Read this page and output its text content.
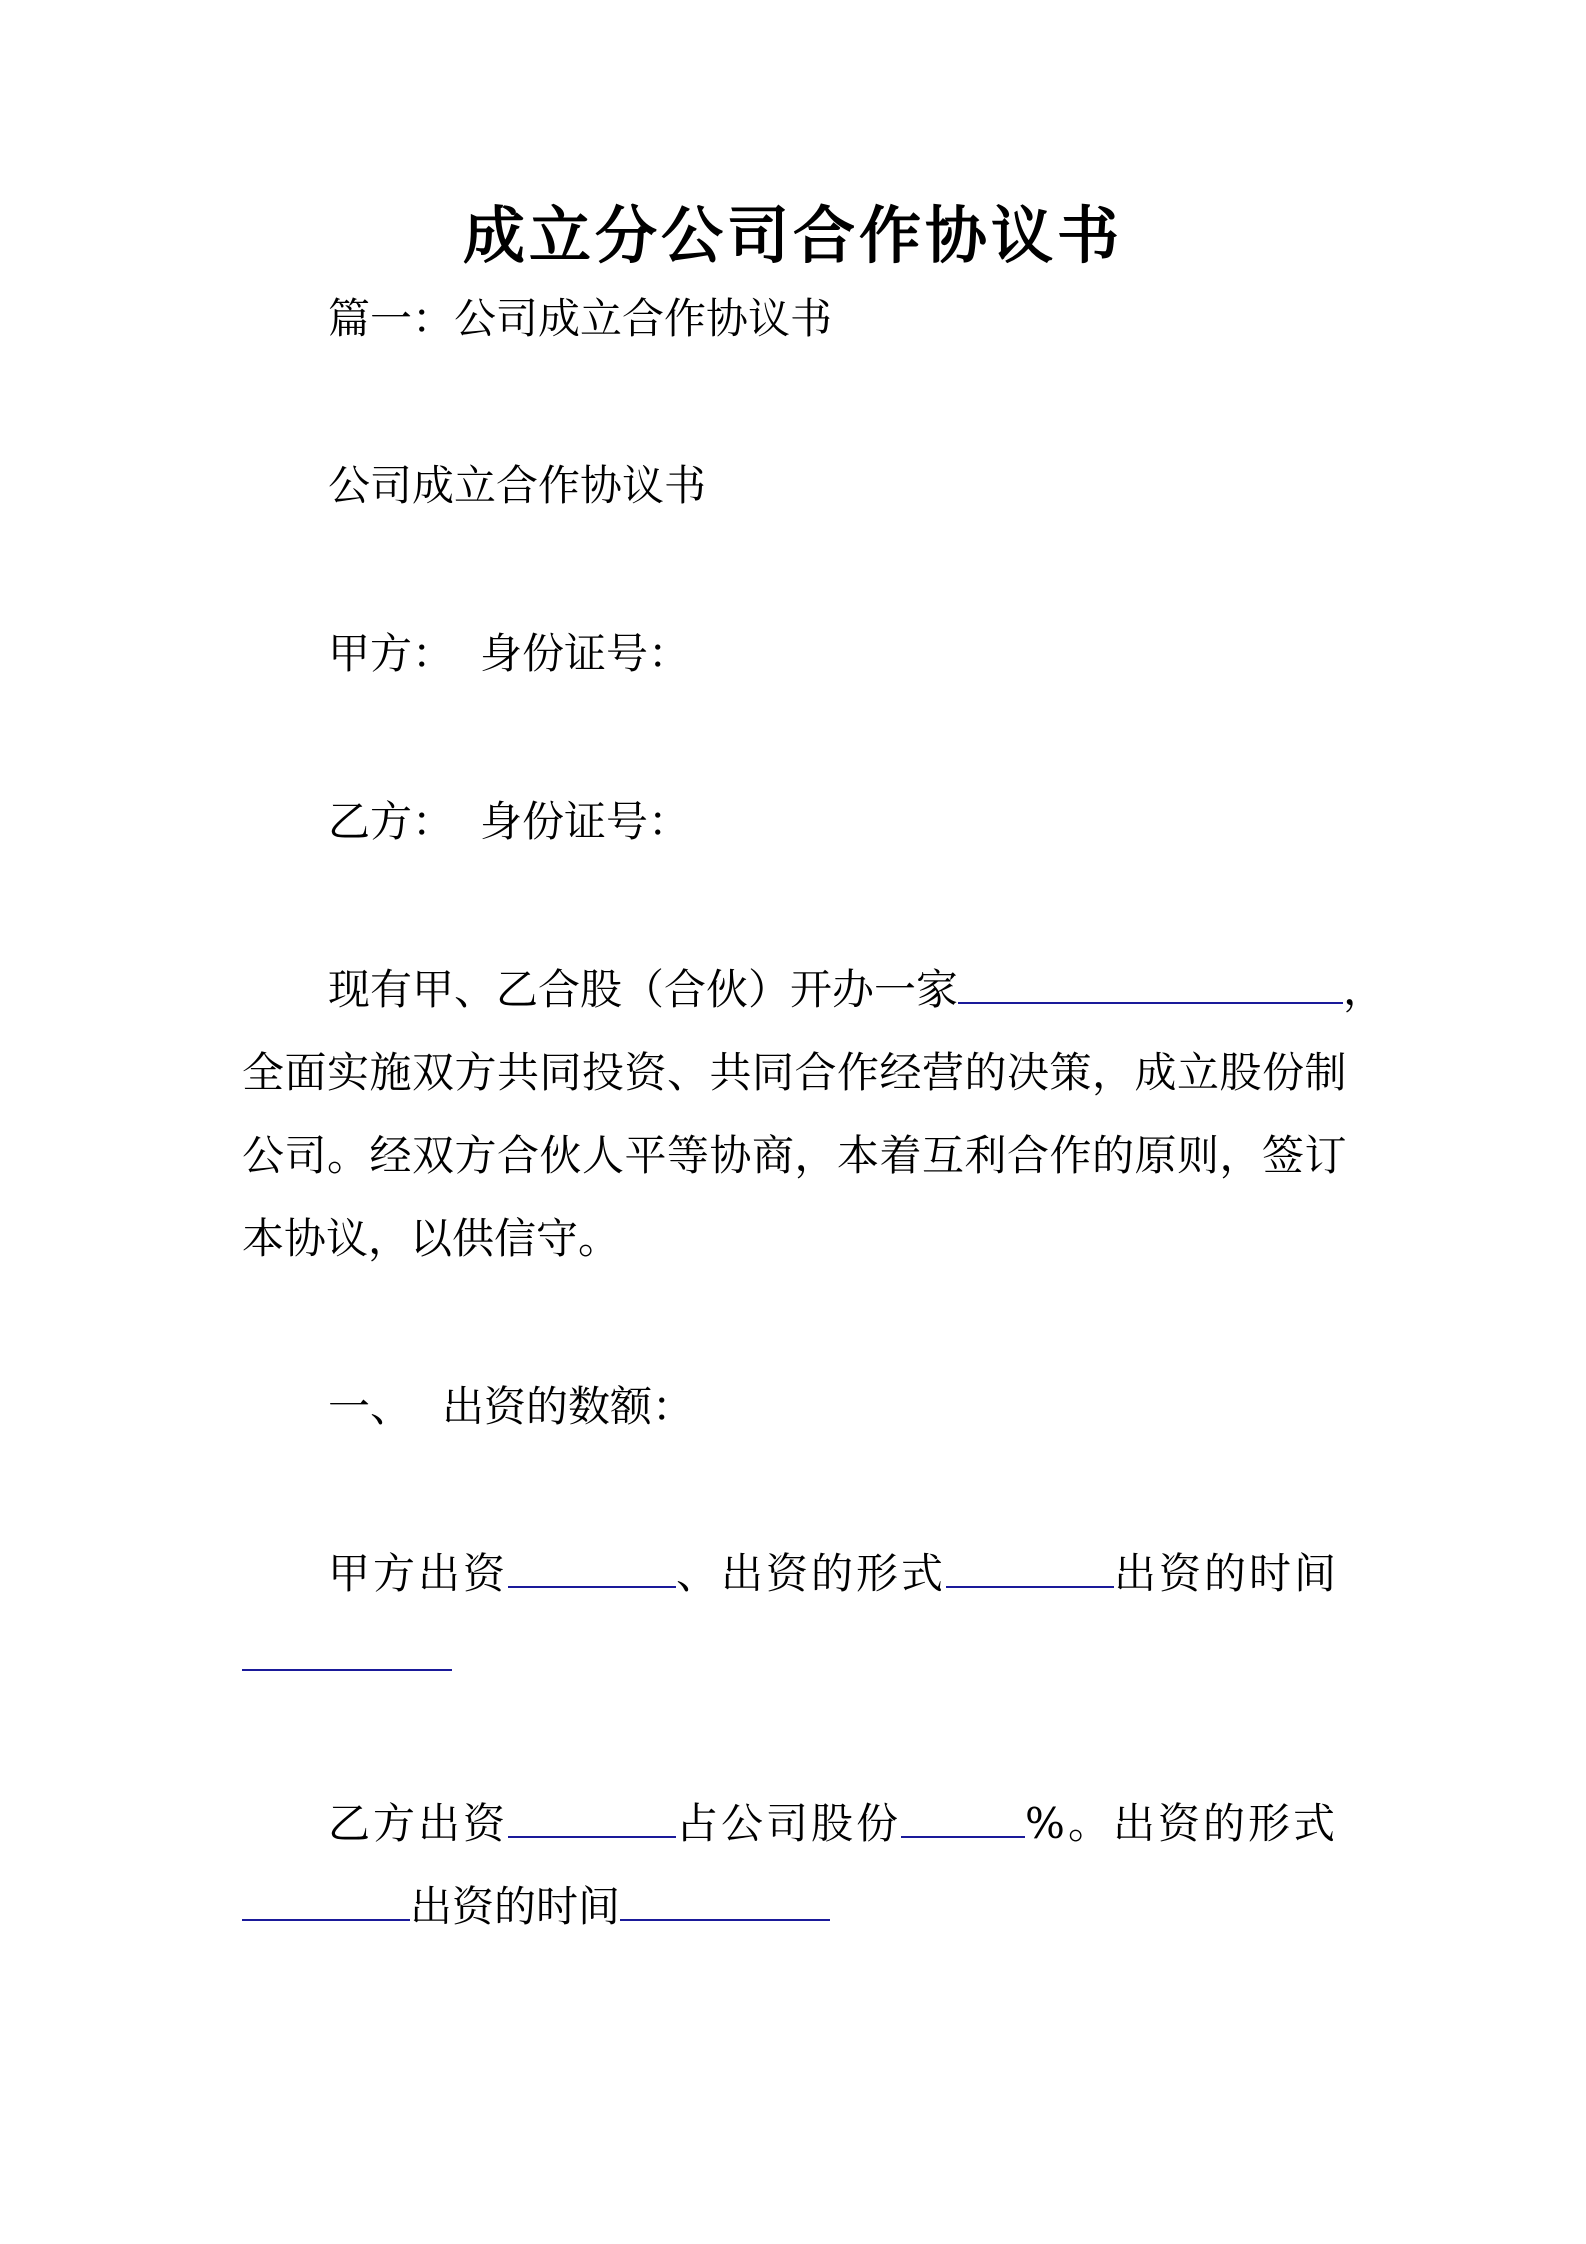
成立分公司合作协议书
篇一：公司成立合作协议书
公司成立合作协议书
甲方： 身份证号：
乙方： 身份证号：
现有甲、乙合股（合伙）开办一家	，
全面实施双方共同投资、共同合作经营的决策，成立股份制
公司。经双方合伙人平等协商，本着互利合作的原则，签订
本协议，以供信守。
一、 出资的数额：
甲方出资	、出资的形式	出资的时间
乙方出资	占公司股份	%。出资的形式
出资的时间
